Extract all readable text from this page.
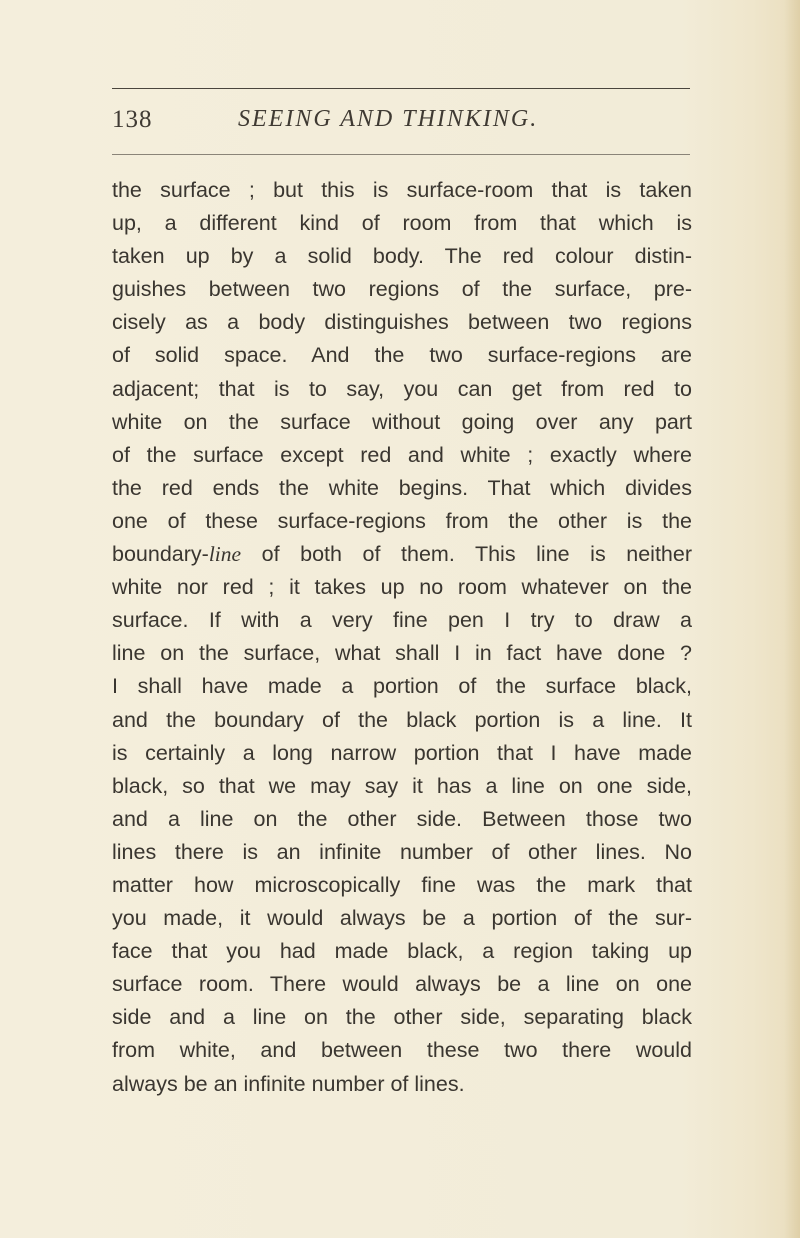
138	SEEING AND THINKING.
the surface ; but this is surface-room that is taken
up, a different kind of room from that which is
taken up by a solid body. The red colour distin-
guishes between two regions of the surface, pre-
cisely as a body distinguishes between two regions
of solid space. And the two surface-regions are
adjacent; that is to say, you can get from red to
white on the surface without going over any part
of the surface except red and white ; exactly where
the red ends the white begins. That which divides
one of these surface-regions from the other is the
boundary-line of both of them. This line is neither
white nor red ; it takes up no room whatever on the
surface. If with a very fine pen I try to draw a
line on the surface, what shall I in fact have done ?
I shall have made a portion of the surface black,
and the boundary of the black portion is a line. It
is certainly a long narrow portion that I have made
black, so that we may say it has a line on one side,
and a line on the other side. Between those two
lines there is an infinite number of other lines. No
matter how microscopically fine was the mark that
you made, it would always be a portion of the sur-
face that you had made black, a region taking up
surface room. There would always be a line on one
side and a line on the other side, separating black
from white, and between these two there would
always be an infinite number of lines.
